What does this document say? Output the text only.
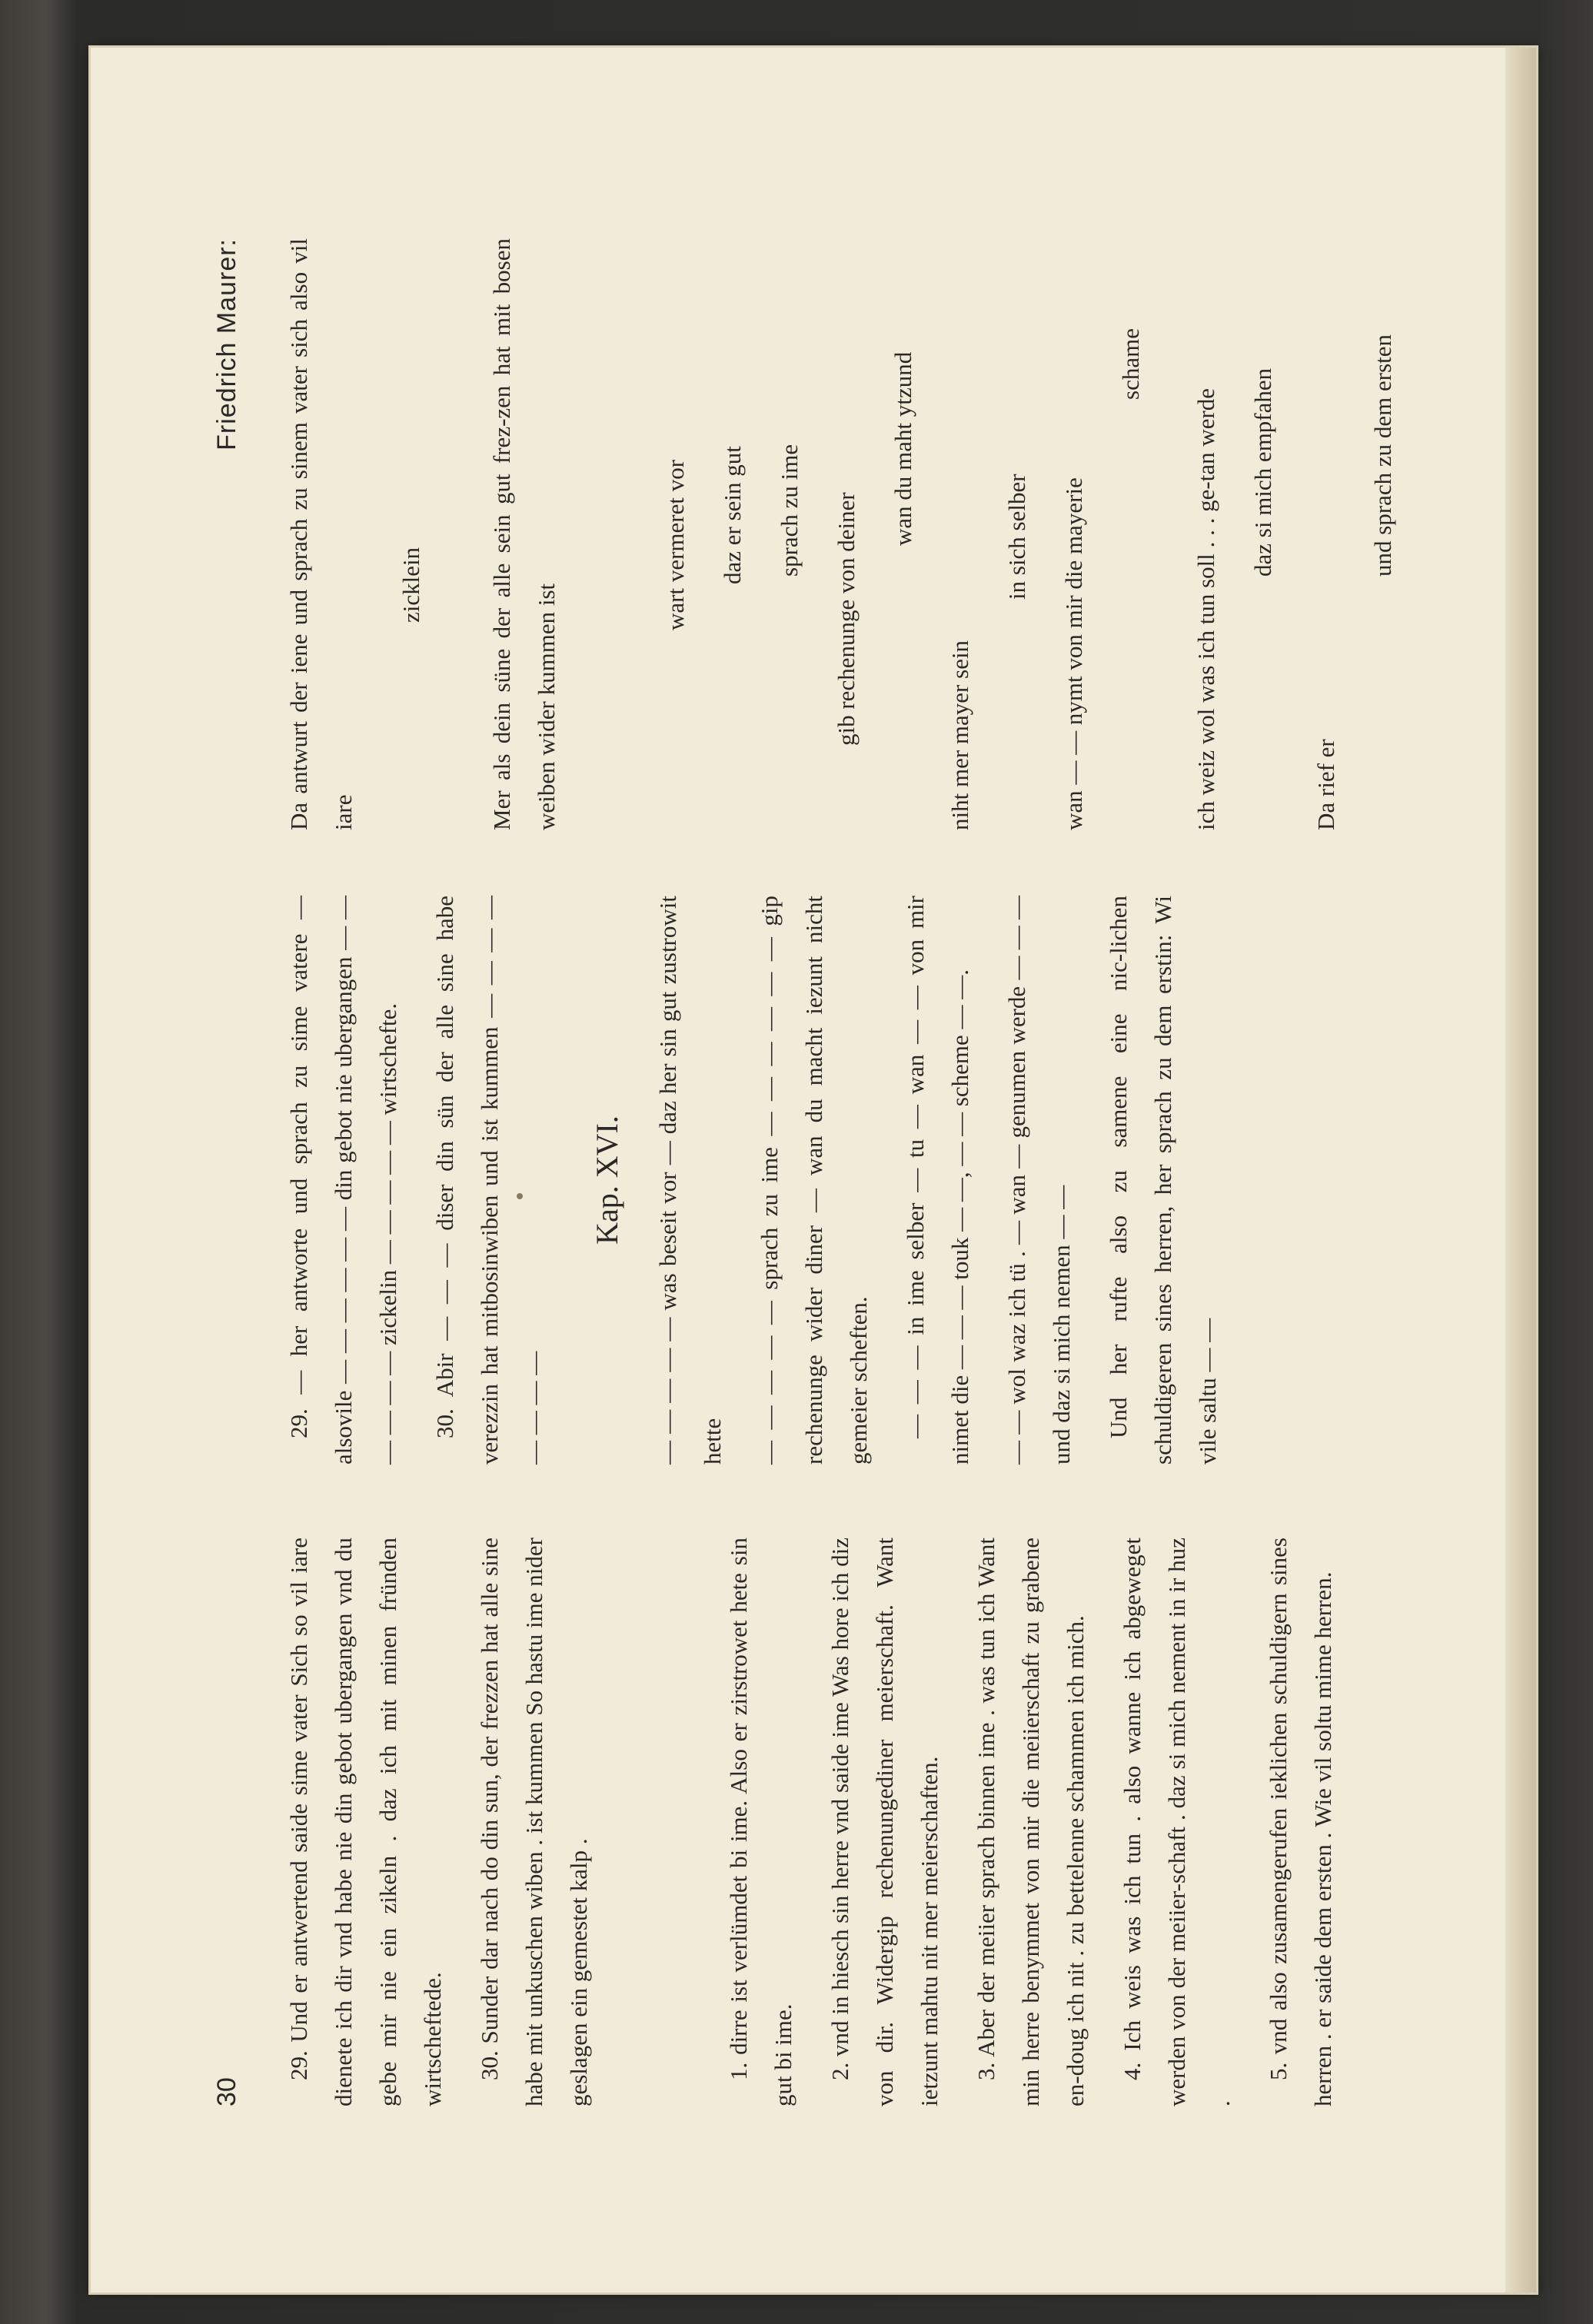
30
Friedrich Maurer:

29. Und er antwertend saide sime vater Sich so vil iare dienete ich dir vnd habe nie din gebot ubergangen vnd du gebe mir nie ein zikeln . daz ich mit minen fründen wirtscheftede.	30. Sunder dar nach do din sun, der frezzen hat alle sine habe mit unkuschen wiben . ist kummen So hastu ime nider geslagen ein gemestet kalp .	1. dirre ist verlümdet bi ime. Also er zirstrowet hete sin gut bi ime.	2. vnd in hiesch sin herre vnd saide ime Was hore ich diz von dir. Widergip rechenungediner meierschaft. Want ietzunt mahtu nit mer meierschaften.	3. Aber der meiier sprach binnen ime . was tun ich Want min herre benymmet von mir die meiierschaft zu grabene en-doug ich nit . zu bettelenne schammen ich mich.	4. Ich weis was ich tun . also wanne ich abgeweget werden von der meiier-schaft . daz si mich nement in ir huz .

5. vnd also zusamengerufen ieklichen schuldigern sines herren . er saide dem ersten . Wie vil soltu mime herren.

29. — her antworte und sprach zu sime vatere — alsovile — — — — — — din gebot nie ubergangen — — — — — — zickelin — — — — — wirtschefte.	30. Abir — — — diser din sün der alle sine habe verezzin hat mitbosinwiben und ist kummen — — — — — — — —

Kap. XVI.	— — — — — was beseit vor — daz her sin gut zustrowit hette	— — — — — sprach zu ime — — — — — — gip rechenunge wider diner — wan du macht iezunt nicht gemeier scheften.	— — — in ime selber — tu — wan — — von mir nimet die — — — touk — —, — — scheme — —.	— — wol waz ich tü . — wan — genumen werde — — — und daz si mich nemen — —	Und her rufte also zu samene eine nic-lichen schuldigeren sines herren, her sprach zu dem erstin: Wi vile saltu — —

Da antwurt der iene und sprach zu sinem vater sich also vil iare

zicklein	Mer als dein süne der alle sein gut frez-zen hat mit bosen weiben wider kummen ist

wart vermeret vor	daz er sein gut	sprach zu ime	gib rechenunge von deiner

wan du maht ytzund

niht mer mayer sein

in sich selber	wan — — nymt von mir die mayerie

schame

ich weiz wol was ich tun soll . . . ge-tan werde	daz si mich empfahen

Da rief er

und sprach zu dem ersten
